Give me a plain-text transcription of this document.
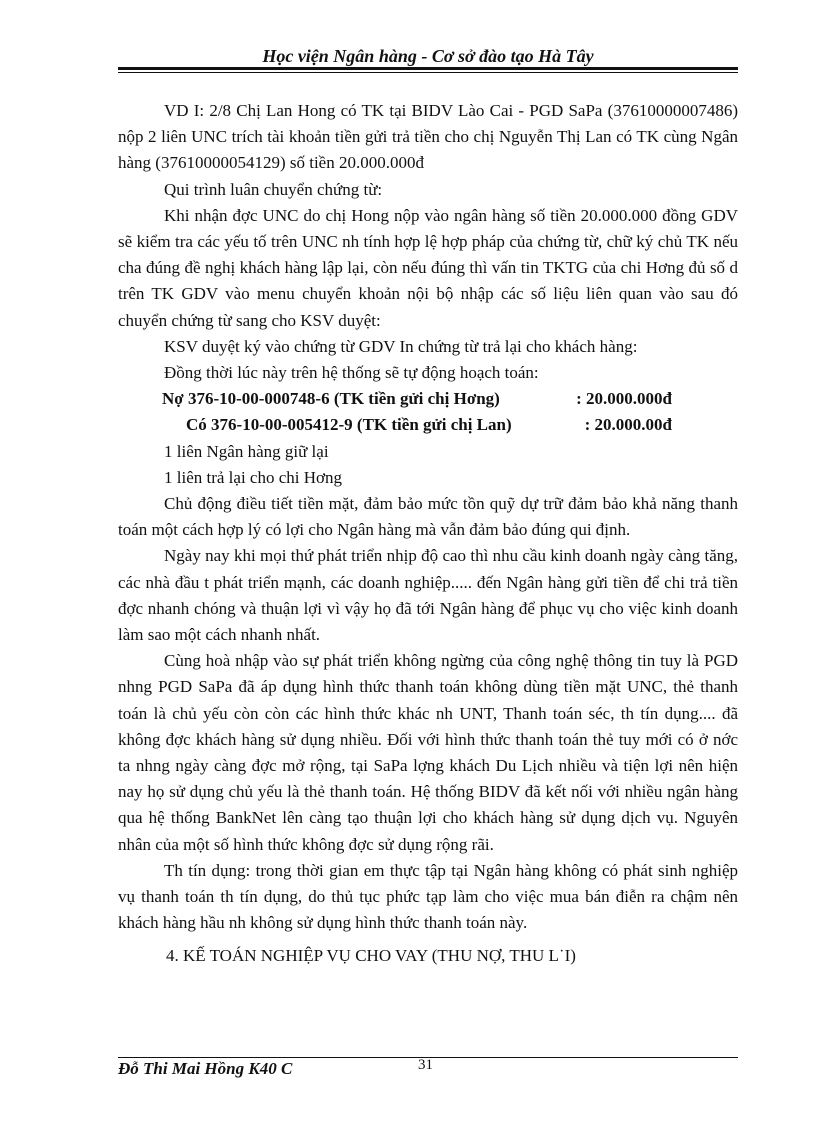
Học viện Ngân hàng - Cơ sở đào tạo Hà Tây

VD I: 2/8 Chị Lan Hong có TK tại BIDV Lào Cai - PGD SaPa (37610000007486) nộp 2 liên UNC trích tài khoản tiền gửi trả tiền cho chị Nguyễn Thị Lan có TK cùng Ngân hàng (37610000054129) số tiền 20.000.000đ

Qui trình luân chuyển chứng từ:

Khi nhận đợc UNC do chị Hong nộp vào ngân hàng số tiền 20.000.000 đồng GDV sẽ kiểm tra các yếu tố trên UNC nh tính hợp lệ hợp pháp của chứng từ, chữ ký chủ TK nếu cha đúng đề nghị khách hàng lập lại, còn nếu đúng thì vấn tin TKTG của chi Hơng đủ số d trên TK GDV vào menu chuyển khoản nội bộ nhập các số liệu liên quan vào sau đó chuyển chứng từ sang cho KSV duyệt:

KSV duyệt ký vào chứng từ GDV In chứng từ trả lại cho khách hàng:

Đồng thời lúc này trên hệ thống sẽ tự động hoạch toán:

Nợ 376-10-00-000748-6 (TK tiền gửi chị Hơng)	: 20.000.000đ
Có 376-10-00-005412-9 (TK tiền gửi chị Lan)	: 20.000.00đ

1 liên Ngân hàng giữ lại

1 liên trả lại cho chi Hơng

Chủ động điều tiết tiền mặt, đảm bảo mức tồn quỹ dự trữ đảm bảo khả năng thanh toán một cách hợp lý có lợi cho Ngân hàng mà vẫn đảm bảo đúng qui định.

Ngày nay khi mọi thứ phát triển nhịp độ cao thì nhu cầu kinh doanh ngày càng tăng, các nhà đầu t phát triển mạnh, các doanh nghiệp..... đến Ngân hàng gửi tiền để chi trả tiền đợc nhanh chóng và thuận lợi vì vậy họ đã tới Ngân hàng để phục vụ cho việc kinh doanh làm sao một cách nhanh nhất.

Cùng hoà nhập vào sự phát triển không ngừng của công nghệ thông tin tuy là PGD nhng PGD SaPa đã áp dụng hình thức thanh toán không dùng tiền mặt UNC, thẻ thanh toán là chủ yếu còn còn các hình thức khác nh UNT, Thanh toán séc, th tín dụng.... đã không đợc khách hàng sử dụng nhiều. Đối với hình thức thanh toán thẻ tuy mới có ở nớc ta nhng ngày càng đợc mở rộng, tại SaPa lợng khách Du Lịch nhiều và tiện lợi nên hiện nay họ sử dụng chủ yếu là thẻ thanh toán. Hệ thống BIDV đã kết nối với nhiều ngân hàng qua hệ thống BankNet lên càng tạo thuận lợi cho khách hàng sử dụng dịch vụ. Nguyên nhân của một số hình thức không đợc sử dụng rộng rãi.

Th tín dụng: trong thời gian em thực tập tại Ngân hàng không có phát sinh nghiệp vụ thanh toán th tín dụng, do thủ tục phức tạp làm cho việc mua bán điễn ra chậm nên khách hàng hầu nh không sử dụng hình thức thanh toán này.

4. KẾ TOÁN NGHIỆP VỤ CHO VAY (THU NỢ, THU L˙I)

Đỗ Thi Mai Hồng K40 C	31
